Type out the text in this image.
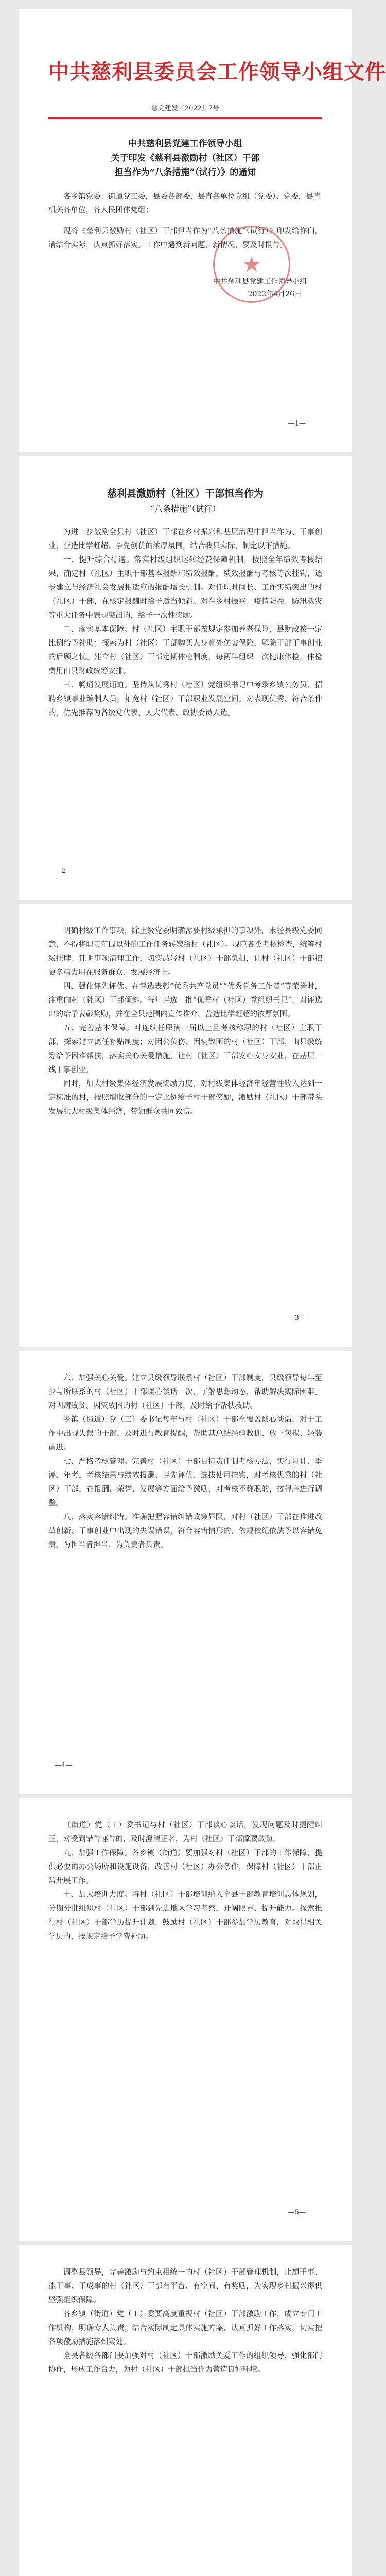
中共慈利县委员会工作领导小组文件
慈党建发〔2022〕7号
中共慈利县党建工作领导小组
关于印发《慈利县激励村（社区）干部
担当作为“八条措施”（试行）》的通知

各乡镇党委、街道党工委，县委各部委，县直各单位党组（党委）、党委，县直机关各单位，各人民团体党组：

现将《慈利县激励村（社区）干部担当作为“八条措施”（试行）》印发给你们，请结合实际，认真抓好落实。工作中遇到新问题、新情况，要及时报告。

★
中共慈利县党建工作领导小组
2022年4月26日
—1—
慈利县激励村（社区）干部担当作为
“八条措施”（试行）

为进一步激励全县村（社区）干部在乡村振兴和基层治理中担当作为、干事创业，营造比学赶超、争先创优的浓厚氛围，结合我县实际，制定以下措施。

一、提升综合待遇。落实村级组织运转经费保障机制，按照全年绩效考核结果，确定村（社区）主职干部基本报酬和绩效报酬，绩效报酬与考核等次挂钩，逐步建立与经济社会发展相适应的报酬增长机制。对任职时间长、工作实绩突出的村（社区）干部，在核定报酬时给予适当倾斜。对在乡村振兴、疫情防控、防汛救灾等重大任务中表现突出的，给予一次性奖励。

二、落实基本保障。村（社区）主职干部按规定参加养老保险，县财政按一定比例给予补助；探索为村（社区）干部购买人身意外伤害保险，解除干部干事创业的后顾之忧。建立村（社区）干部定期体检制度，每两年组织一次健康体检，体检费用由县财政统筹安排。

三、畅通发展通道。坚持从优秀村（社区）党组织书记中考录乡镇公务员、招聘乡镇事业编制人员，拓宽村（社区）干部职业发展空间。对表现优秀、符合条件的，优先推荐为各级党代表、人大代表、政协委员人选。

—2—

明确村级工作事项，除上级党委明确需要村级承担的事项外，未经县级党委同意，不得将职责范围以外的工作任务转嫁给村（社区）。规范各类考核检查，统筹村级挂牌、证明事项清理工作，切实减轻村（社区）干部负担，让村（社区）干部把更多精力用在服务群众、发展经济上。

四、强化评先评优。在评选表彰“优秀共产党员”“优秀党务工作者”等荣誉时，注重向村（社区）干部倾斜。每年评选一批“优秀村（社区）党组织书记”，对评选出的给予表彰奖励，并在全县范围内宣传推介，营造比学赶超的浓厚氛围。

五、完善基本保障。对连续任职满一届以上且考核称职的村（社区）主职干部，探索建立离任补贴制度；对因公负伤、因病致困的村（社区）干部，由县级统筹给予困难帮扶，落实关心关爱措施，让村（社区）干部安心安身安业，在基层一线干事创业。

同时，加大村级集体经济发展奖励力度，对村级集体经济年经营性收入达到一定标准的村，按照增收部分的一定比例给予村干部奖励，激励村（社区）干部带头发展壮大村级集体经济，带领群众共同致富。

—3—

六、加强关心关爱。建立县级领导联系村（社区）干部制度，县级领导每年至少与所联系的村（社区）干部谈心谈话一次，了解思想动态，帮助解决实际困难。对因病致贫、因灾致困的村（社区）干部，及时给予帮扶救助。

乡镇（街道）党（工）委书记每年与村（社区）干部全覆盖谈心谈话，对于工作中出现失误的干部，及时进行教育提醒，帮助其总结经验教训、放下包袱、轻装前进。

七、严格考核管理。完善村（社区）干部目标责任制考核办法，实行月计、季评、年考，考核结果与绩效报酬、评先评优、选拔使用挂钩，对考核优秀的村（社区）干部，在报酬、荣誉、发展等方面给予激励，对考核不称职的，按程序进行调整。

八、落实容错纠错。准确把握容错纠错政策界限，对村（社区）干部在推进改革创新、干事创业中出现的失误错误，符合容错情形的，依规依纪依法予以容错免责，为担当者担当、为负责者负责。

—4—

（街道）党（工）委书记与村（社区）干部谈心谈话，发现问题及时提醒纠正，对受到错告诬告的，及时澄清正名，为村（社区）干部撑腰鼓劲。

九、加强工作保障。各乡镇（街道）要加强对村（社区）干部的工作保障，提供必要的办公场所和设施设备，改善村（社区）办公条件，保障村（社区）干部正常开展工作。

十、加大培训力度。将村（社区）干部培训纳入全县干部教育培训总体规划，分期分批组织村（社区）干部到先进地区学习考察，开阔眼界、提升能力。探索推行村（社区）干部学历提升计划，鼓励村（社区）干部参加学历教育，对取得相关学历的，按规定给予学费补助。

—5—

调整县领导，完善激励与约束相统一的村（社区）干部管理机制，让想干事、能干事、干成事的村（社区）干部有平台、有空间、有奖励，为实现乡村振兴提供坚强组织保障。

各乡镇（街道）党（工）委要高度重视村（社区）干部激励工作，成立专门工作机构，明确专人负责，结合实际制定具体实施方案，认真抓好工作落实，切实把各项激励措施落到实处。

全县各级各部门要加强对村（社区）干部激励关爱工作的组织领导，强化部门协作，形成工作合力，为村（社区）干部担当作为营造良好环境。
